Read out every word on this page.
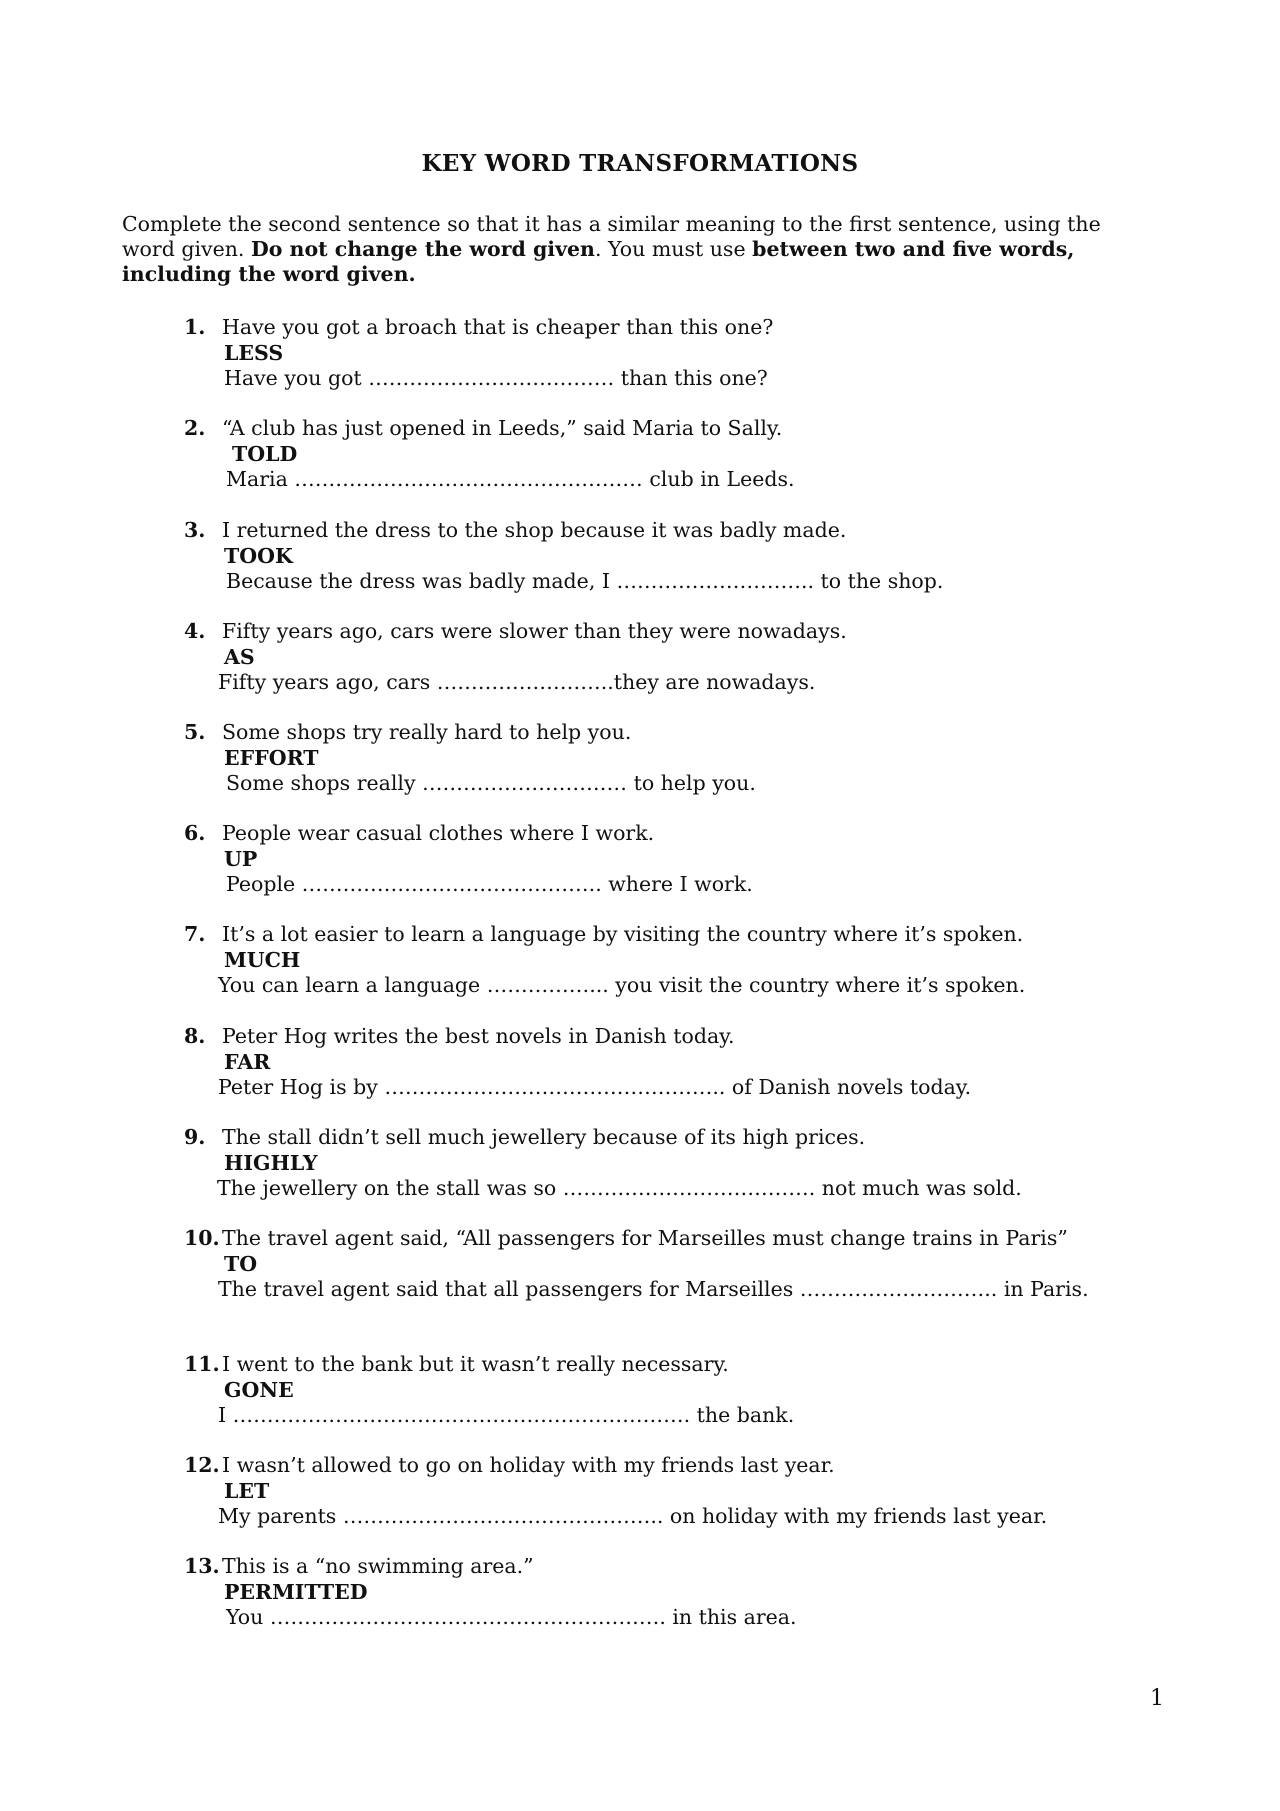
KEY WORD TRANSFORMATIONS
Complete the second sentence so that it has a similar meaning to the first sentence, using the word given. Do not change the word given. You must use between two and five words, including the word given.
1. Have you got a broach that is cheaper than this one?
LESS
Have you got ……………………………… than this one?
2. “A club has just opened in Leeds,” said Maria to Sally.
TOLD
Maria …………………………………………… club in Leeds.
3. I returned the dress to the shop because it was badly made.
TOOK
Because the dress was badly made, I ……………………….. to the shop.
4. Fifty years ago, cars were slower than they were nowadays.
AS
Fifty years ago, cars ……………………..they are nowadays.
5. Some shops try really hard to help you.
EFFORT
Some shops really ………………………… to help you.
6. People wear casual clothes where I work.
UP
People …………………………………….. where I work.
7. It’s a lot easier to learn a language by visiting the country where it’s spoken.
MUCH
You can learn a language ……………... you visit the country where it’s spoken.
8. Peter Hog writes the best novels in Danish today.
FAR
Peter Hog is by ………………………………………….. of Danish novels today.
9. The stall didn’t sell much jewellery because of its high prices.
HIGHLY
The jewellery on the stall was so ………………………………. not much was sold.
10. The travel agent said, “All passengers for Marseilles must change trains in Paris”
TO
The travel agent said that all passengers for Marseilles ……………………….. in Paris.
11. I went to the bank but it wasn’t really necessary.
GONE
I …………………………………………………………. the bank.
12. I wasn’t allowed to go on holiday with my friends last year.
LET
My parents ……………………………………….. on holiday with my friends last year.
13. This is a “no swimming area.”
PERMITTED
You …………………………………………………. in this area.
1
